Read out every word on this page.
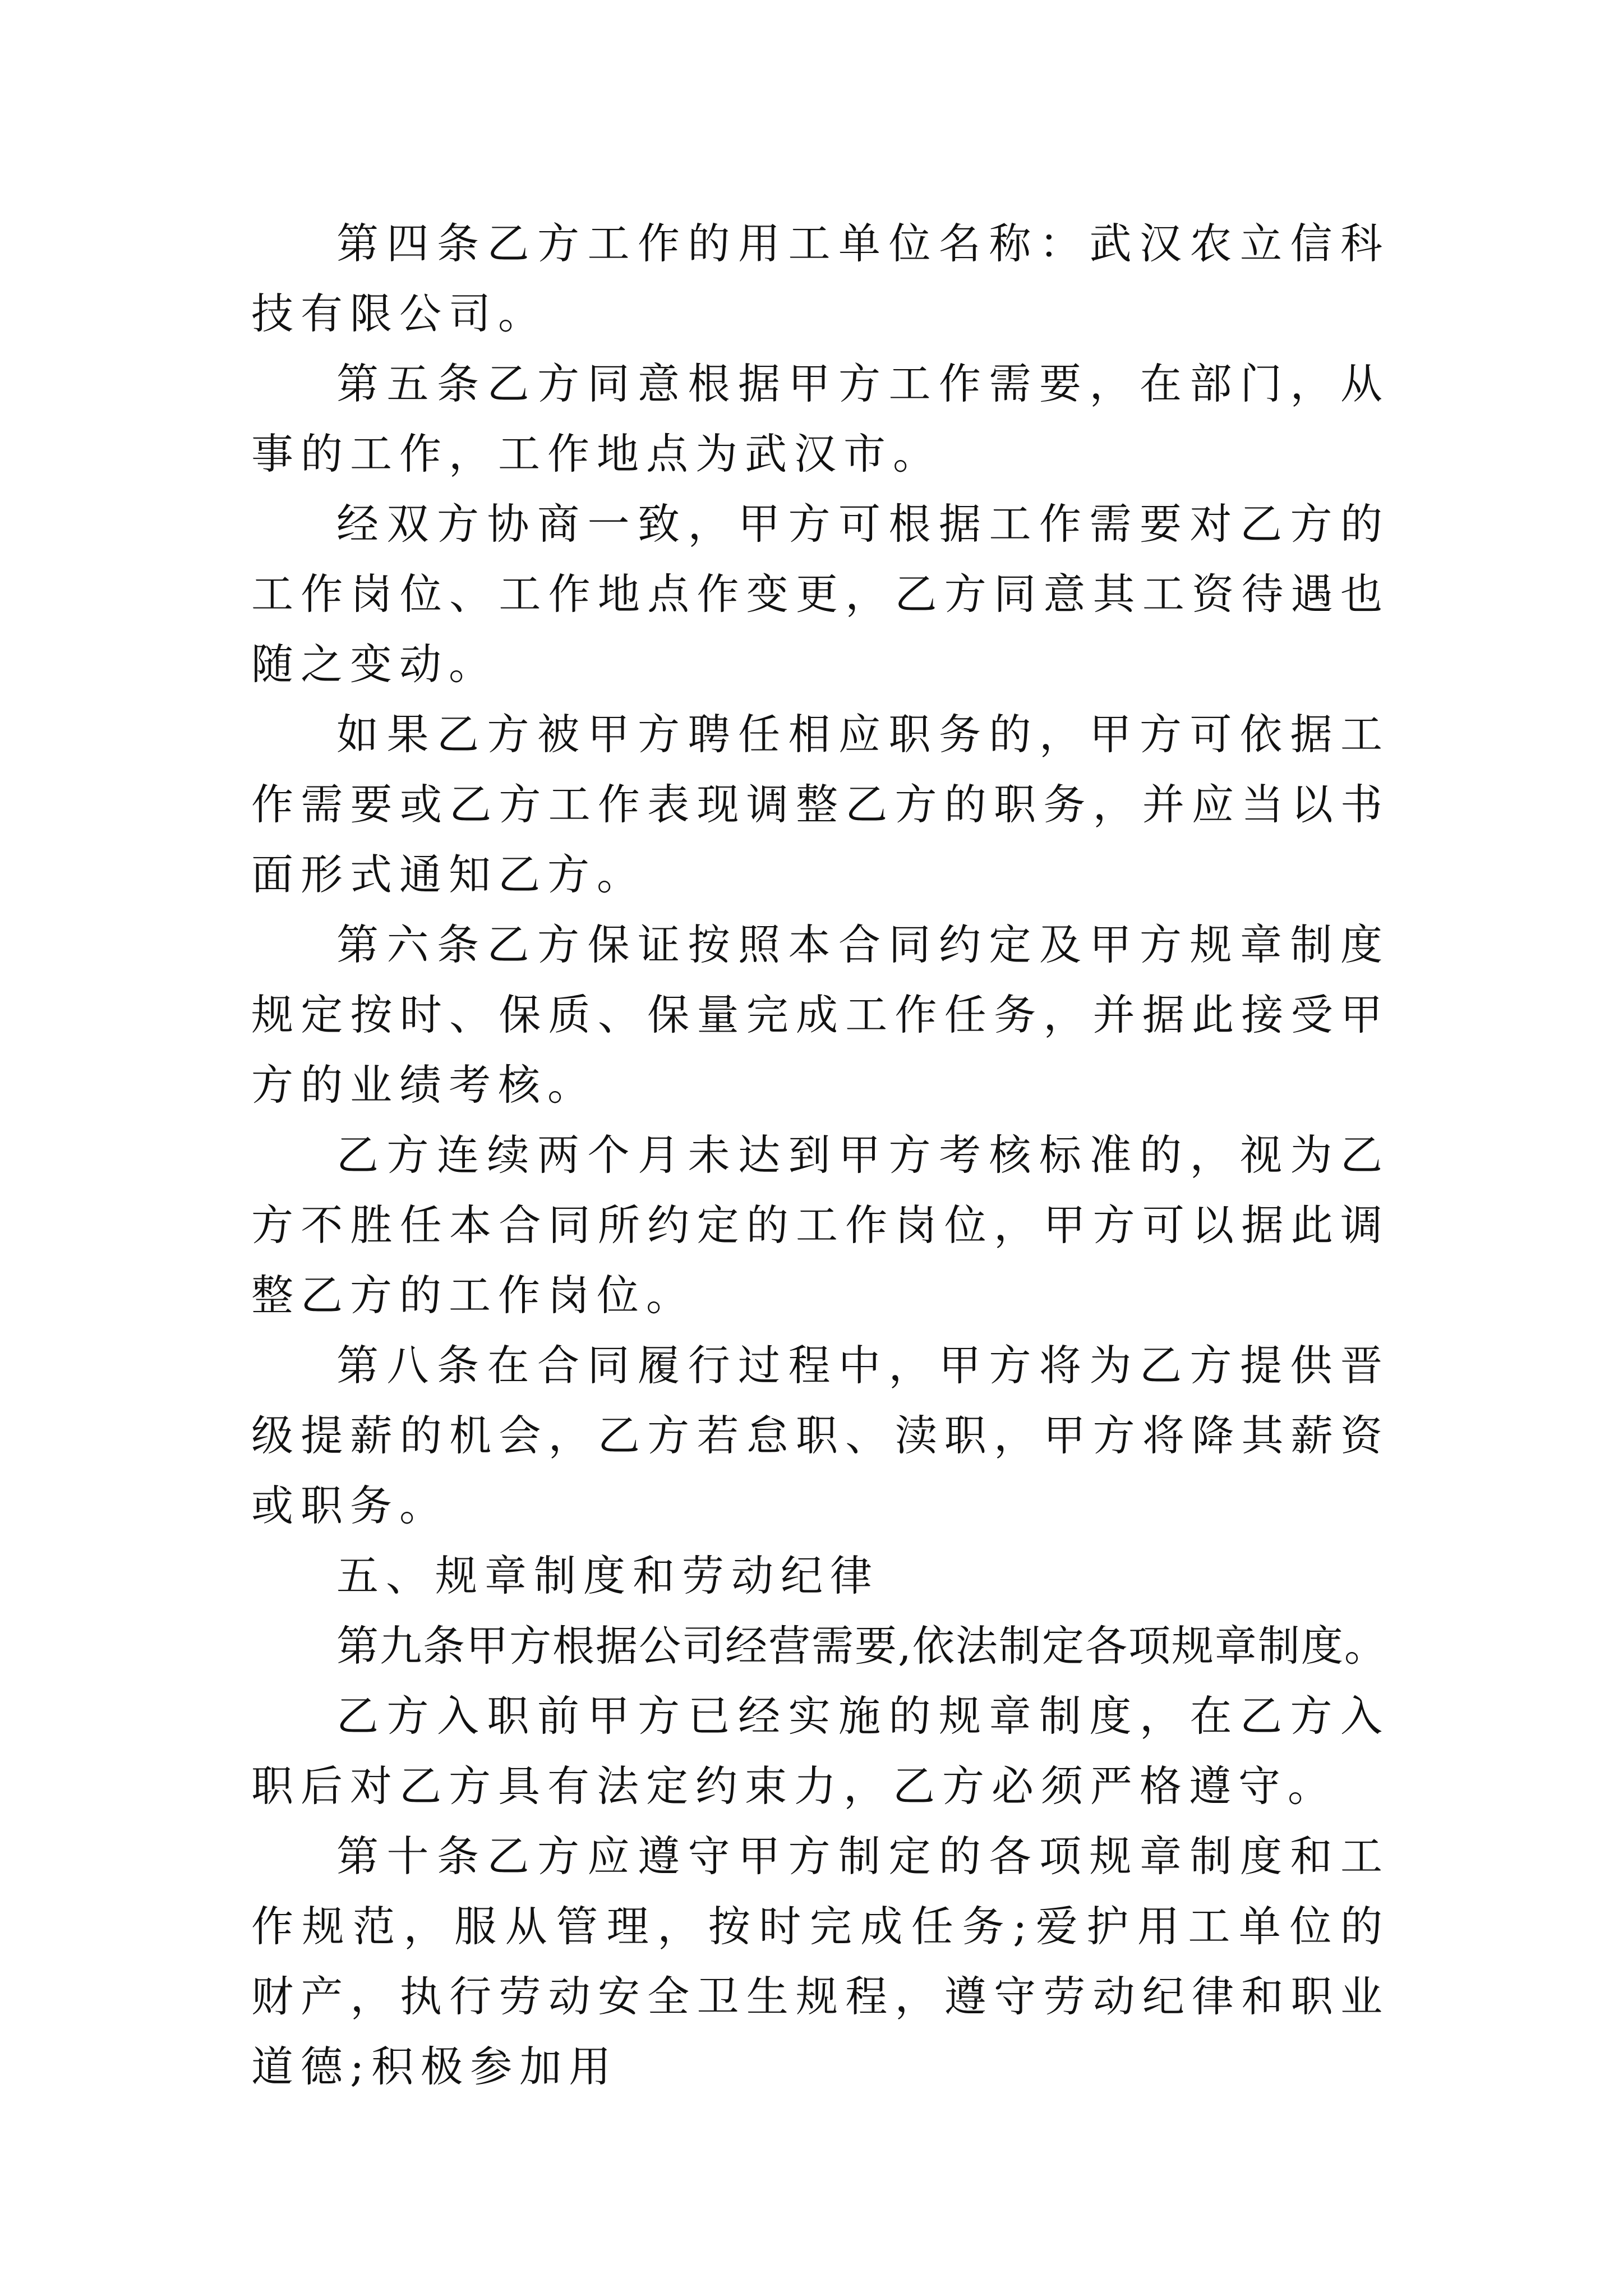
第四条乙方工作的用工单位名称：武汉农立信科技有限公司。

第五条乙方同意根据甲方工作需要，在部门，从事的工作，工作地点为武汉市。

经双方协商一致，甲方可根据工作需要对乙方的工作岗位、工作地点作变更，乙方同意其工资待遇也随之变动。

如果乙方被甲方聘任相应职务的，甲方可依据工作需要或乙方工作表现调整乙方的职务，并应当以书面形式通知乙方。

第六条乙方保证按照本合同约定及甲方规章制度规定按时、保质、保量完成工作任务，并据此接受甲方的业绩考核。

乙方连续两个月未达到甲方考核标准的，视为乙方不胜任本合同所约定的工作岗位，甲方可以据此调整乙方的工作岗位。

第八条在合同履行过程中，甲方将为乙方提供晋级提薪的机会，乙方若怠职、渎职，甲方将降其薪资或职务。

五、规章制度和劳动纪律

第九条甲方根据公司经营需要,依法制定各项规章制度。

乙方入职前甲方已经实施的规章制度，在乙方入职后对乙方具有法定约束力，乙方必须严格遵守。

第十条乙方应遵守甲方制定的各项规章制度和工作规范，服从管理，按时完成任务;爱护用工单位的财产，执行劳动安全卫生规程，遵守劳动纪律和职业道德;积极参加用
